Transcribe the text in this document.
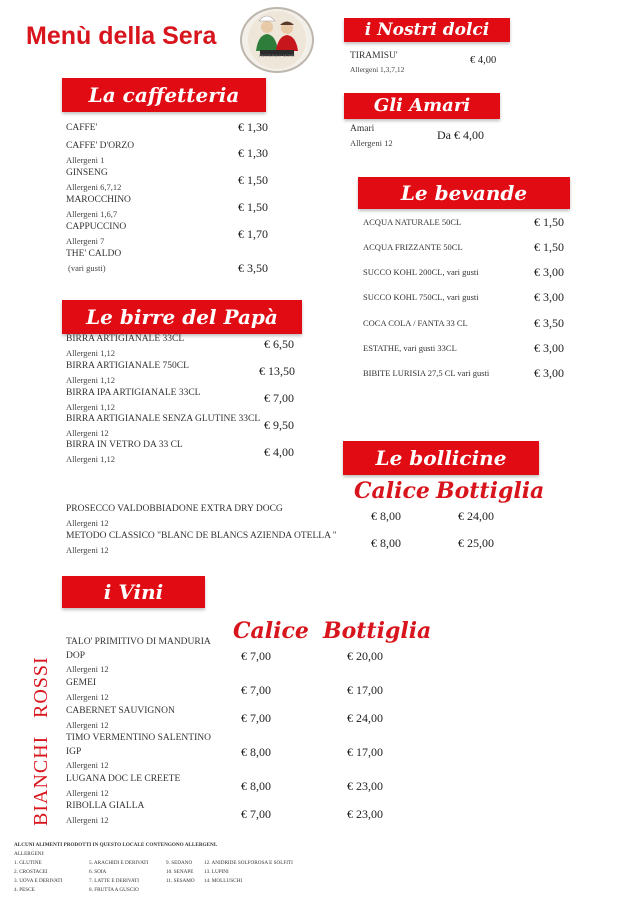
Menù della Sera
PASTARIA E MORE
La caffetteria
CAFFE'	€ 1,30
CAFFE' D'ORZO
Allergeni 1	€ 1,30
GINSENG
Allergeni 6,7,12	€ 1,50
MAROCCHINO
Allergeni 1,6,7	€ 1,50
CAPPUCCINO
Allergeni 7	€ 1,70
THE' CALDO
(vari gusti)	€ 3,50
Le birre del Papà
BIRRA ARTIGIANALE 33CL
Allergeni 1,12
€ 6,50
BIRRA ARTIGIANALE 750CL
Allergeni 1,12
€ 13,50
BIRRA IPA ARTIGIANALE 33CL
Allergeni 1,12
€ 7,00
BIRRA ARTIGIANALE SENZA GLUTINE 33CL
Allergeni 12
€ 9,50
BIRRA IN VETRO DA 33 CL
Allergeni 1,12	€ 4,00
i Nostri dolci
TIRAMISU'
Allergeni 1,3,7,12
€ 4,00
Gli Amari
Amari
Allergeni 12
Da € 4,00
Le bevande
ACQUA NATURALE 50CL	€ 1,50
ACQUA FRIZZANTE 50CL	€ 1,50
SUCCO KOHL 200CL, vari gusti	€ 3,00
SUCCO KOHL 750CL, vari gusti	€ 3,00
COCA COLA / FANTA 33 CL	€ 3,50
ESTATHE, vari gusti 33CL	€ 3,00
BIBITE LURISIA 27,5 CL vari gusti	€ 3,00
Le bollicine
Calice Bottiglia
PROSECCO VALDOBBIADONE EXTRA DRY DOCG
Allergeni 12	€ 8,00	€ 24,00
METODO CLASSICO "BLANC DE BLANCS AZIENDA OTELLA "
Allergeni 12	€ 8,00	€ 25,00
i Vini
Calice Bottiglia
ROSSI
BIANCHI
TALO' PRIMITIVO DI MANDURIA
DOP
Allergeni 12
€ 7,00	€ 20,00
GEMEI
Allergeni 12	€ 7,00	€ 17,00
CABERNET SAUVIGNON
Allergeni 12	€ 7,00	€ 24,00
TIMO VERMENTINO SALENTINO
IGP
Allergeni 12
€ 8,00	€ 17,00
LUGANA DOC LE CREETE
Allergeni 12	€ 8,00	€ 23,00
RIBOLLA GIALLA
Allergeni 12	€ 7,00	€ 23,00
ALCUNI ALIMENTI PRODOTTI IN QUESTO LOCALE CONTENGONO ALLERGENI.
ALLERGENI:
1. GLUTINE
2. CROSTACEI
3. UOVA E DERIVATI
4. PESCE
5. ARACHIDI E DERIVATI
6. SOIA
7. LATTE E DERIVATI
8. FRUTTA A GUSCIO
9. SEDANO
10. SENAPE
11. SESAMO
12. ANIDRIDE SOLFOROSA E SOLFITI
13. LUPINI
14. MOLLUSCHI
